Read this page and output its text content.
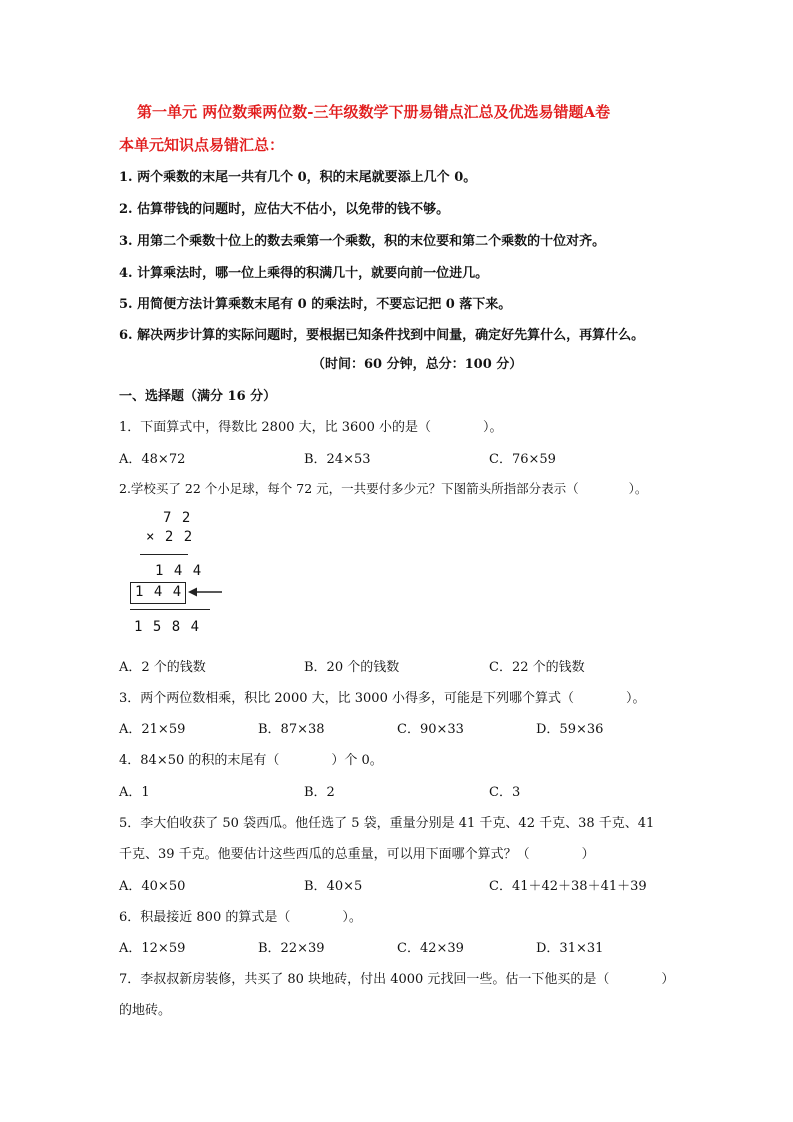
第一单元 两位数乘两位数-三年级数学下册易错点汇总及优选易错题A卷
本单元知识点易错汇总：
1. 两个乘数的末尾一共有几个 0，积的末尾就要添上几个 0。
2. 估算带钱的问题时，应估大不估小，以免带的钱不够。
3. 用第二个乘数十位上的数去乘第一个乘数，积的末位要和第二个乘数的十位对齐。
4. 计算乘法时，哪一位上乘得的积满几十，就要向前一位进几。
5. 用简便方法计算乘数末尾有 0 的乘法时，不要忘记把 0 落下来。
6. 解决两步计算的实际问题时，要根据已知条件找到中间量，确定好先算什么，再算什么。
（时间：60 分钟，总分：100 分）
一、选择题（满分 16 分）
1．下面算式中，得数比 2800 大，比 3600 小的是（　　　　）。
A．48×72	B．24×53	C．76×59
2.学校买了 22 个小足球，每个 72 元，一共要付多少元？下图箭头所指部分表示（　　　　）。
7 2
× 2 2
1 4 4
1 4 4
1 5 8 4
A．2 个的钱数	B．20 个的钱数	C．22 个的钱数
3．两个两位数相乘，积比 2000 大，比 3000 小得多，可能是下列哪个算式（　　　　）。
A．21×59	B．87×38	C．90×33	D．59×36
4．84×50 的积的末尾有（　　　　）个 0。
A．1	B．2	C．3
5．李大伯收获了 50 袋西瓜。他任选了 5 袋，重量分别是 41 千克、42 千克、38 千克、41
千克、39 千克。他要估计这些西瓜的总重量，可以用下面哪个算式？（　　　　）
A．40×50	B．40×5	C．41＋42＋38＋41＋39
6．积最接近 800 的算式是（　　　　）。
A．12×59	B．22×39	C．42×39	D．31×31
7．李叔叔新房装修，共买了 80 块地砖，付出 4000 元找回一些。估一下他买的是（　　　　）
的地砖。
